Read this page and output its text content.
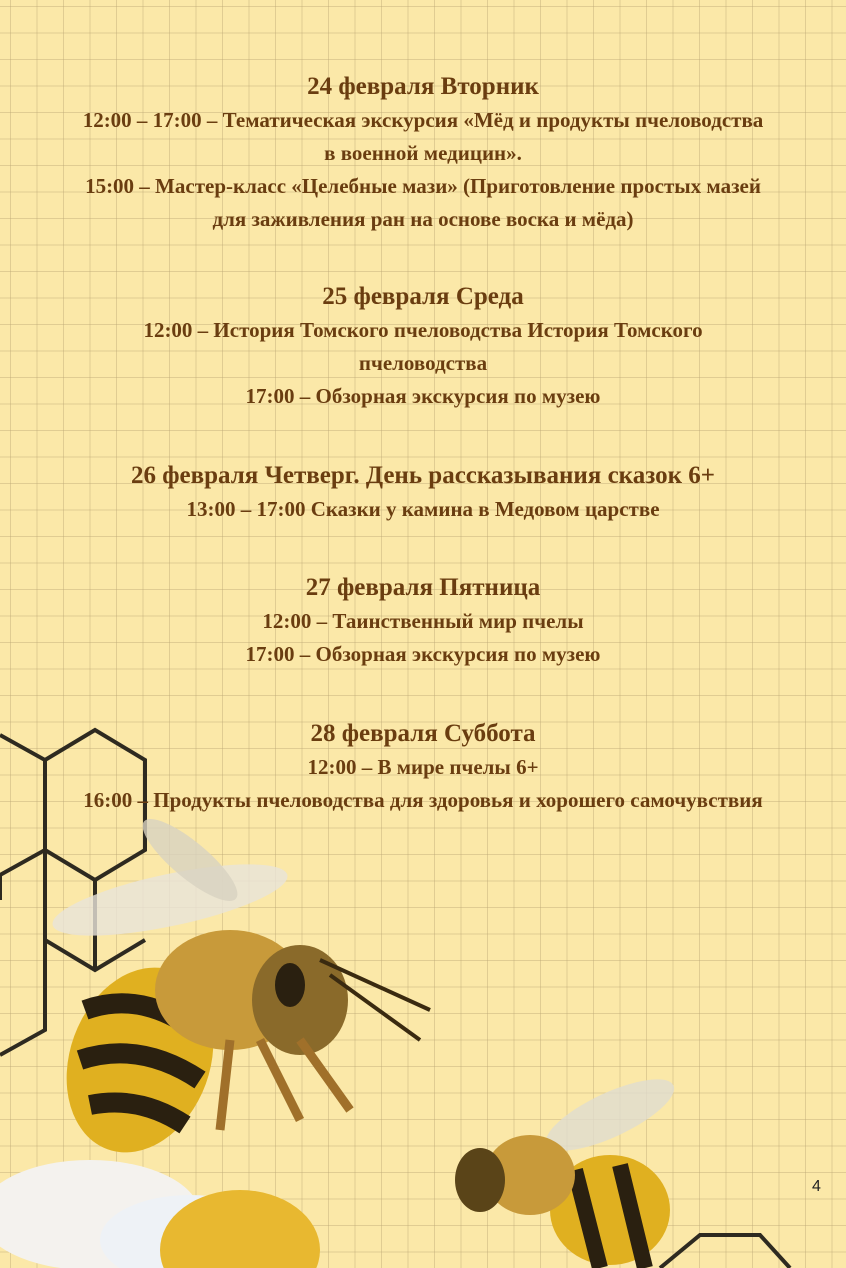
24 февраля Вторник
12:00 – 17:00 – Тематическая экскурсия «Мёд и продукты пчеловодства
в военной медицин».
15:00 – Мастер-класс «Целебные мази» (Приготовление простых мазей
для заживления ран на основе воска и мёда)
25 февраля Среда
12:00 – История Томского пчеловодства История Томского
пчеловодства
17:00 – Обзорная экскурсия по музею
26 февраля Четверг. День рассказывания сказок 6+
13:00 – 17:00 Сказки у камина в Медовом царстве
27 февраля Пятница
12:00 – Таинственный мир пчелы
17:00 – Обзорная экскурсия по музею
28 февраля Суббота
12:00 – В мире пчелы 6+
16:00 – Продукты пчеловодства для здоровья и хорошего самочувствия
4
